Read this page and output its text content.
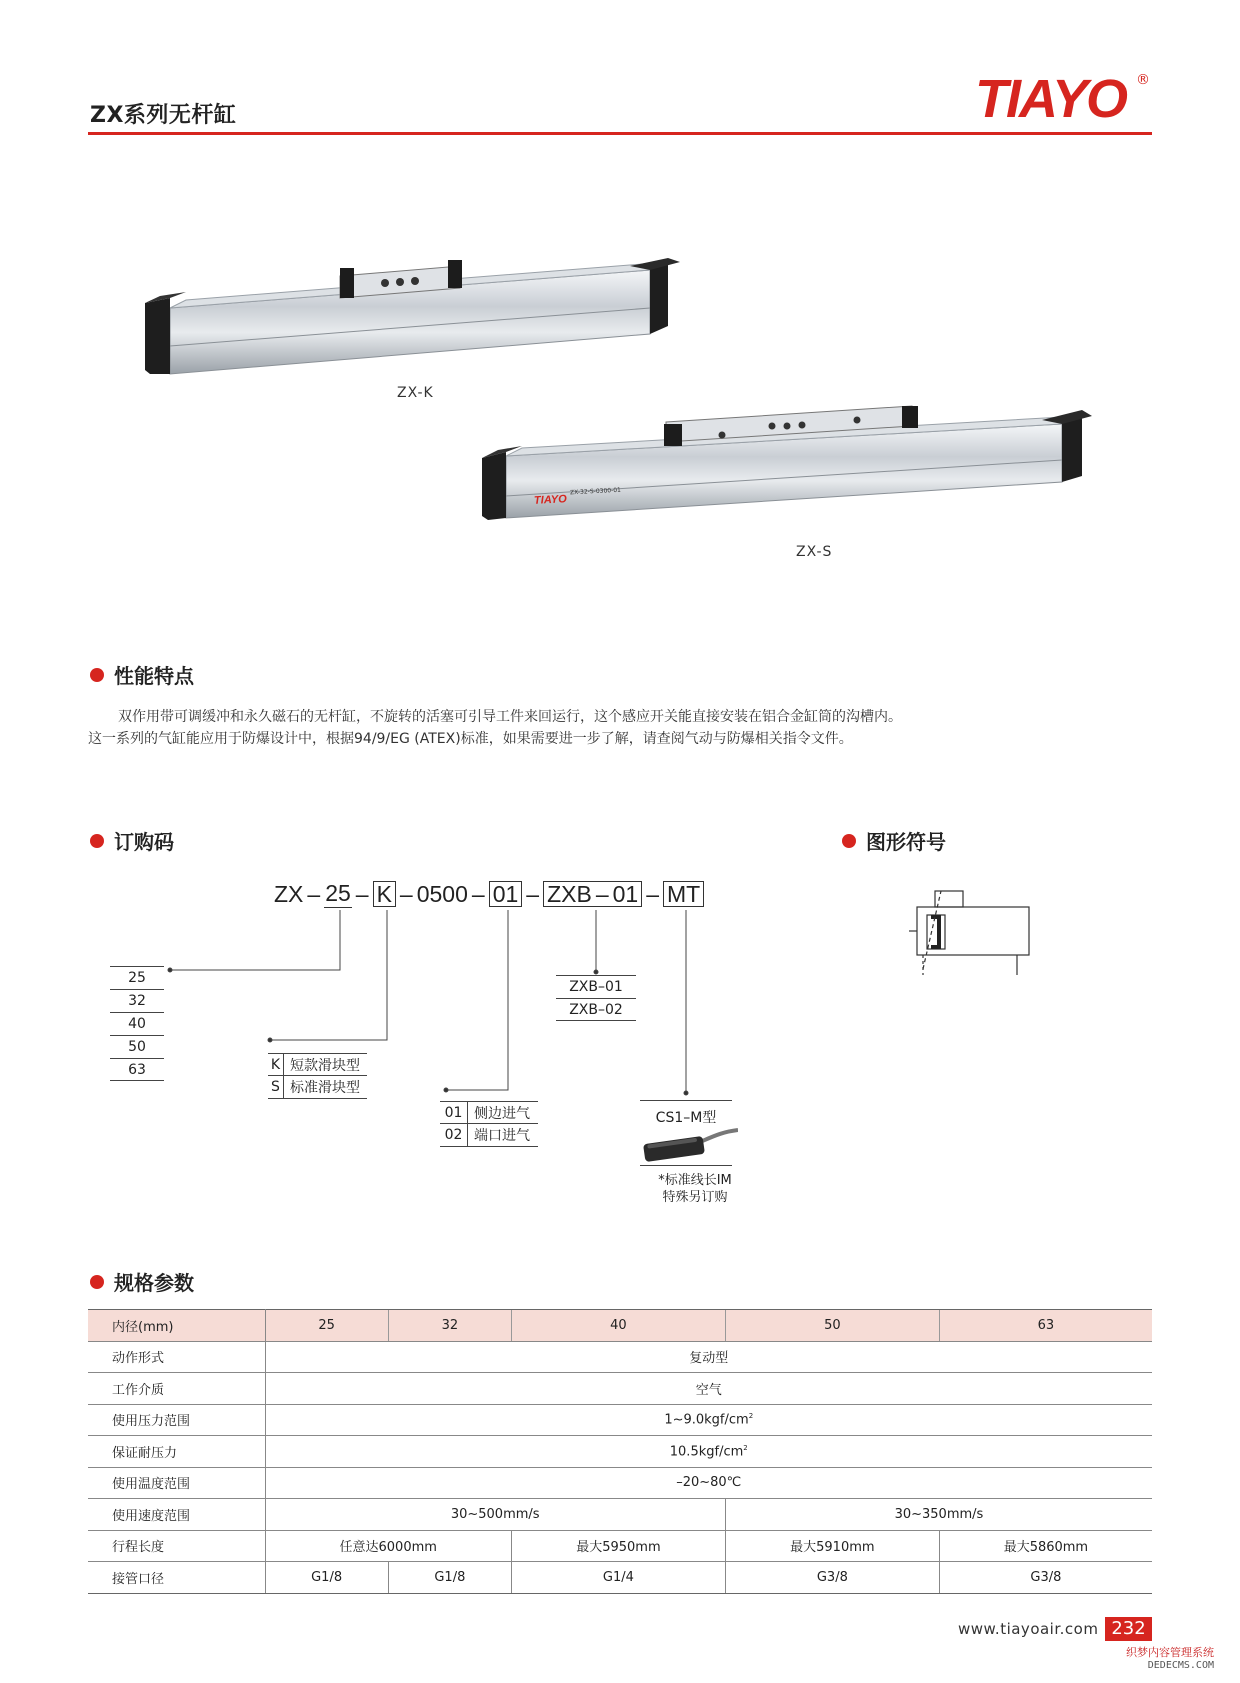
ZX系列无杆缸	TIAYO ®
ZX-K
TIAYO
ZX-32-S-0300-01
ZX-S
性能特点
双作用带可调缓冲和永久磁石的无杆缸，不旋转的活塞可引导工件来回运行，这个感应开关能直接安装在铝合金缸筒的沟槽内。
这一系列的气缸能应用于防爆设计中，根据94/9/EG (ATEX)标准，如果需要进一步了解，请查阅气动与防爆相关指令文件。
订购码	图形符号
ZX – 25 – K – 0500 – 01 – ZXB – 01 – MT
25
32
40
50
63	K 短款滑块型
S 标准滑块型
01 侧边进气
02 端口进气
ZXB–01
ZXB–02
CS1–M型
*标准线长IM
特殊另订购
规格参数
内径(mm)	25	32	40	50	63
动作形式	复动型				
工作介质	空气				
使用压力范围	$1\sim 9.0kgf/cm^2$
保证耐压力	$10.5kgf/cm^2$
使用温度范围	–20~80℃				
使用速度范围	30~500mm/s			30~350mm/s	
行程长度	任意达6000mm		最大5950mm	最大5910mm	最大5860mm
接管口径	G1/8	G1/8	G1/4	G3/8	G3/8
www.tiayoair.com 232
织梦内容管理系统
DEDECMS.COM
